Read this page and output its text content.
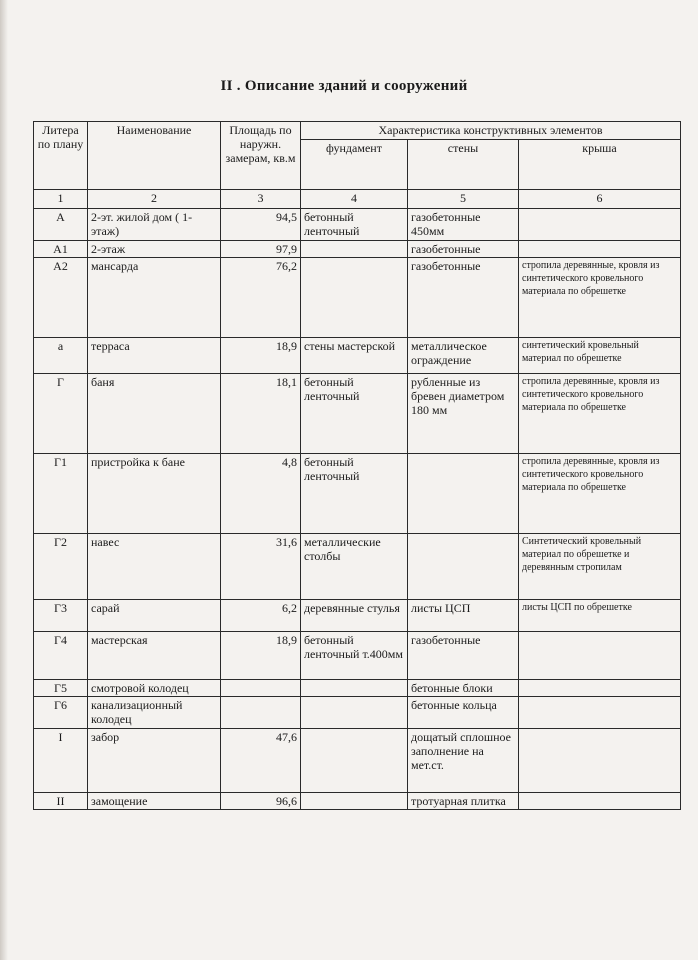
II . Описание зданий и сооружений
Литера по плану	Наименование	Площадь по наружн. замерам, кв.м	Характеристика конструктивных элементов		
			фундамент	стены	крыша
1	2	3	4	5	6
А	2-эт. жилой дом ( 1-этаж)	94,5	бетонный ленточный	газобетонные 450мм	
А1	2-этаж	97,9		газобетонные	
А2	мансарда	76,2		газобетонные	стропила деревянные, кровля из синтетического кровельного материала по обрешетке
а	терраса	18,9	стены мастерской	металлическое ограждение	синтетический кровельный материал по обрешетке
Г	баня	18,1	бетонный ленточный	рубленные из бревен диаметром 180 мм	стропила деревянные, кровля из синтетического кровельного материала по обрешетке
Г1	пристройка к бане	4,8	бетонный ленточный		стропила деревянные, кровля из синтетического кровельного материала по обрешетке
Г2	навес	31,6	металлические столбы		Синтетический кровельный материал по обрешетке и деревянным стропилам
Г3	сарай	6,2	деревянные стулья	листы ЦСП	листы ЦСП по обрешетке
Г4	мастерская	18,9	бетонный ленточный т.400мм	газобетонные	
Г5	смотровой колодец			бетонные блоки	
Г6	канализационный колодец			бетонные кольца	
I	забор	47,6		дощатый сплошное заполнение на мет.ст.	
II	замощение	96,6		тротуарная плитка	
